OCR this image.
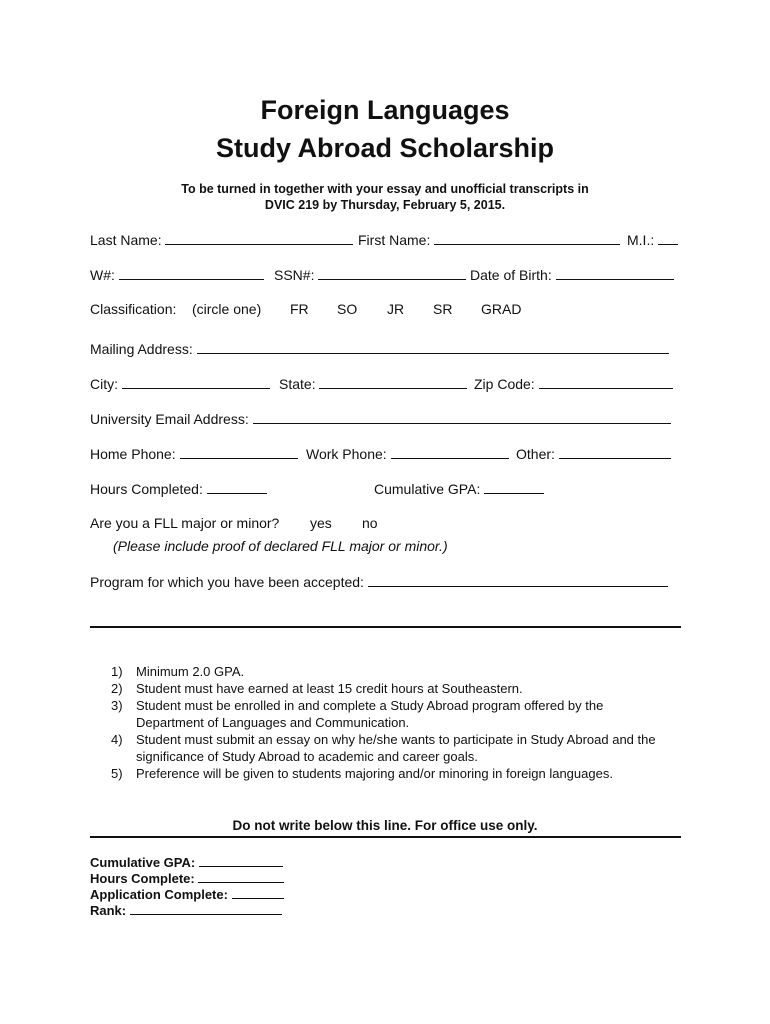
Foreign Languages
Study Abroad Scholarship
To be turned in together with your essay and unofficial transcripts in
DVIC 219 by Thursday, February 5, 2015.
Last Name:	First Name:	M.I.:
W#:	SSN#:	Date of Birth:
Classification: (circle one) FR SO JR SR GRAD
Mailing Address:
City:	State:	Zip Code:
University Email Address:
Home Phone:	Work Phone:	Other:
Hours Completed:	Cumulative GPA:
Are you a FLL major or minor? yes no
(Please include proof of declared FLL major or minor.)
Program for which you have been accepted:
1) Minimum 2.0 GPA.
2) Student must have earned at least 15 credit hours at Southeastern.
3) Student must be enrolled in and complete a Study Abroad program offered by the Department of Languages and Communication.
4) Student must submit an essay on why he/she wants to participate in Study Abroad and the significance of Study Abroad to academic and career goals.
5) Preference will be given to students majoring and/or minoring in foreign languages.
Do not write below this line. For office use only.
Cumulative GPA:
Hours Complete:
Application Complete:
Rank:
